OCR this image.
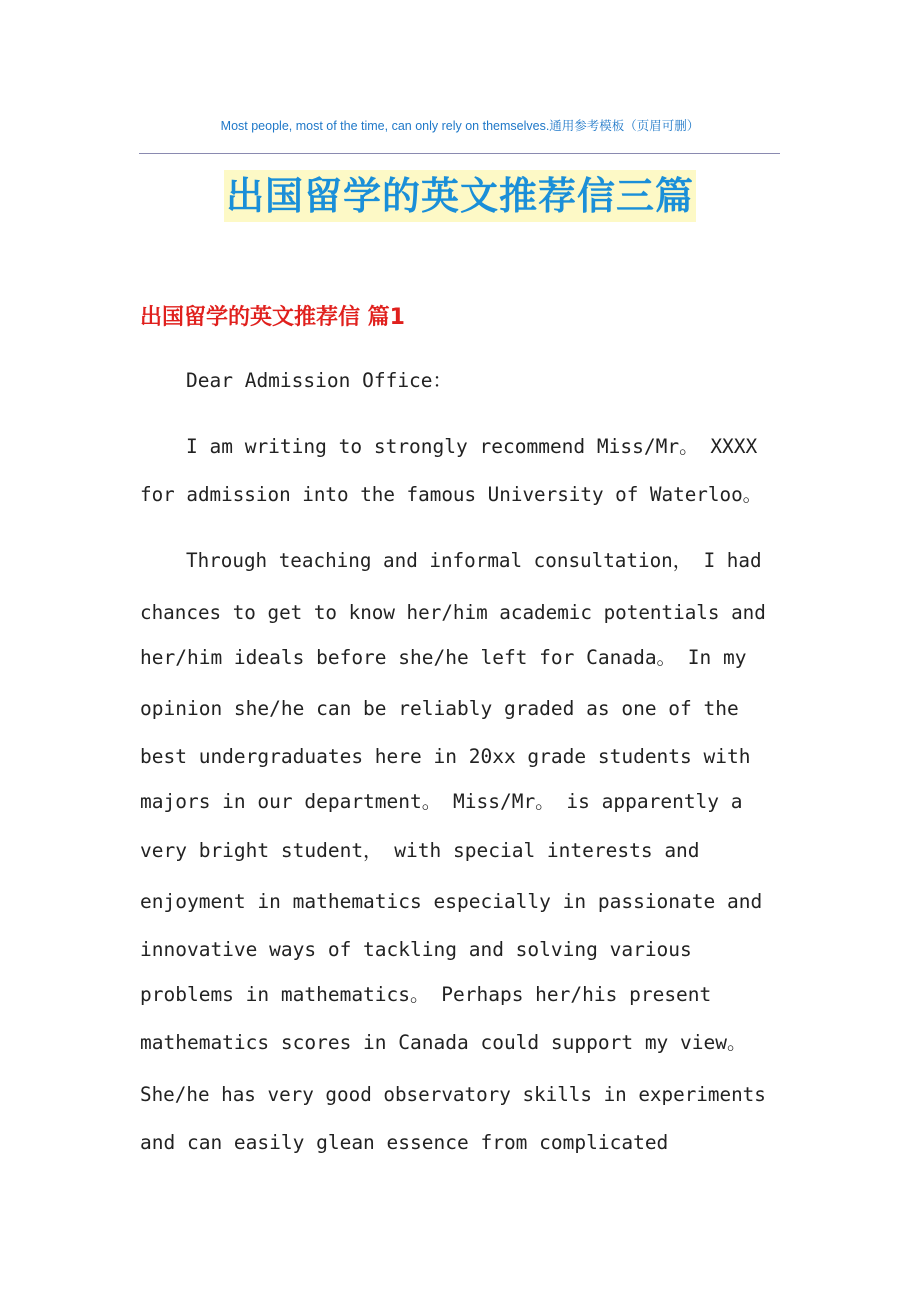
Most people, most of the time, can only rely on themselves.通用参考模板（页眉可删）
出国留学的英文推荐信三篇
出国留学的英文推荐信 篇1
Dear Admission Office：
I am writing to strongly recommend Miss/Mr。 XXXX
for admission into the famous University of Waterloo。
Through teaching and informal consultation， I had
chances to get to know her/him academic potentials and
her/him ideals before she/he left for Canada。 In my
opinion she/he can be reliably graded as one of the
best undergraduates here in 20xx grade students with
majors in our department。 Miss/Mr。 is apparently a
very bright student， with special interests and
enjoyment in mathematics especially in passionate and
innovative ways of tackling and solving various
problems in mathematics。 Perhaps her/his present
mathematics scores in Canada could support my view。
She/he has very good observatory skills in experiments
and can easily glean essence from complicated
